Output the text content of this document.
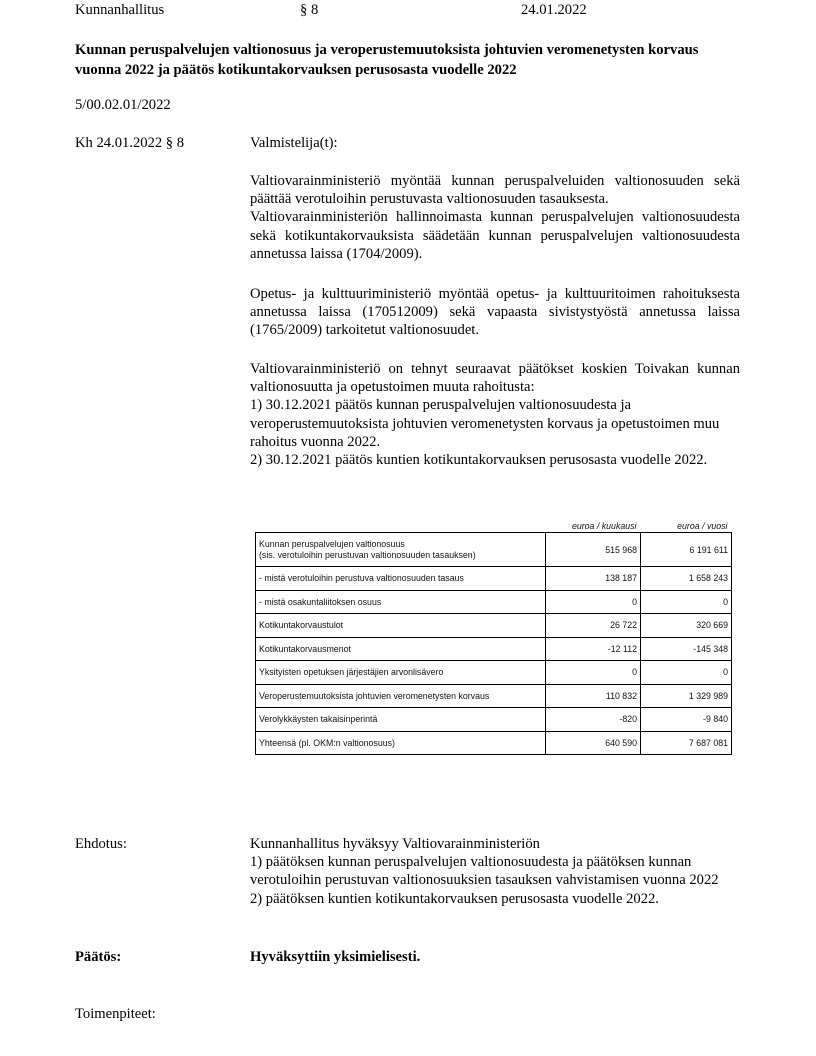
Kunnanhallitus	§ 8	24.01.2022
Kunnan peruspalvelujen valtionosuus ja veroperustemuutoksista johtuvien veromenetysten korvaus vuonna 2022 ja päätös kotikuntakorvauksen perusosasta vuodelle 2022
5/00.02.01/2022
Kh 24.01.2022 § 8	Valmistelija(t):

Valtiovarainministeriö myöntää kunnan peruspalveluiden valtionosuuden sekä päättää verotuloihin perustuvasta valtionosuuden tasauksesta.

Valtiovarainministeriön hallinnoimasta kunnan peruspalvelujen valtionosuudesta sekä kotikuntakorvauksista säädetään kunnan peruspalvelujen valtionosuudesta annetussa laissa (1704/2009).

Opetus- ja kulttuuriministeriö myöntää opetus- ja kulttuuritoimen rahoituksesta annetussa laissa (170512009) sekä vapaasta sivistystyöstä annetussa laissa (1765/2009) tarkoitetut valtionosuudet.

Valtiovarainministeriö on tehnyt seuraavat päätökset koskien Toivakan kunnan valtionosuutta ja opetustoimen muuta rahoitusta:

1) 30.12.2021 päätös kunnan peruspalvelujen valtionosuudesta ja veroperustemuutoksista johtuvien veromenetysten korvaus ja opetustoimen muu rahoitus vuonna 2022.

2) 30.12.2021 päätös kuntien kotikuntakorvauksen perusosasta vuodelle 2022.

	euroa / kuukausi	euroa / vuosi

Kunnan peruspalvelujen valtionosuus
(sis. verotuloihin perustuvan valtionosuuden tasauksen)	515 968	6 191 611
- mistä verotuloihin perustuva valtionosuuden tasaus	138 187	1 658 243
- mistä osakuntaliitoksen osuus	0	0
Kotikuntakorvaustulot	26 722	320 669
Kotikuntakorvausmenot	-12 112	-145 348
Yksityisten opetuksen järjestäjien arvonlisävero	0	0
Veroperustemuutoksista johtuvien veromenetysten korvaus	110 832	1 329 989
Verolykkäysten takaisinperintä	-820	-9 840
Yhteensä (pl. OKM:n valtionosuus)	640 590	7 687 081
Ehdotus:	Kunnanhallitus hyväksyy Valtiovarainministeriön

1) päätöksen kunnan peruspalvelujen valtionosuudesta ja päätöksen kunnan verotuloihin perustuvan valtionosuuksien tasauksen vahvistamisen vuonna 2022

2) päätöksen kuntien kotikuntakorvauksen perusosasta vuodelle 2022.

Päätös:	Hyväksyttiin yksimielisesti.
Toimenpiteet:
